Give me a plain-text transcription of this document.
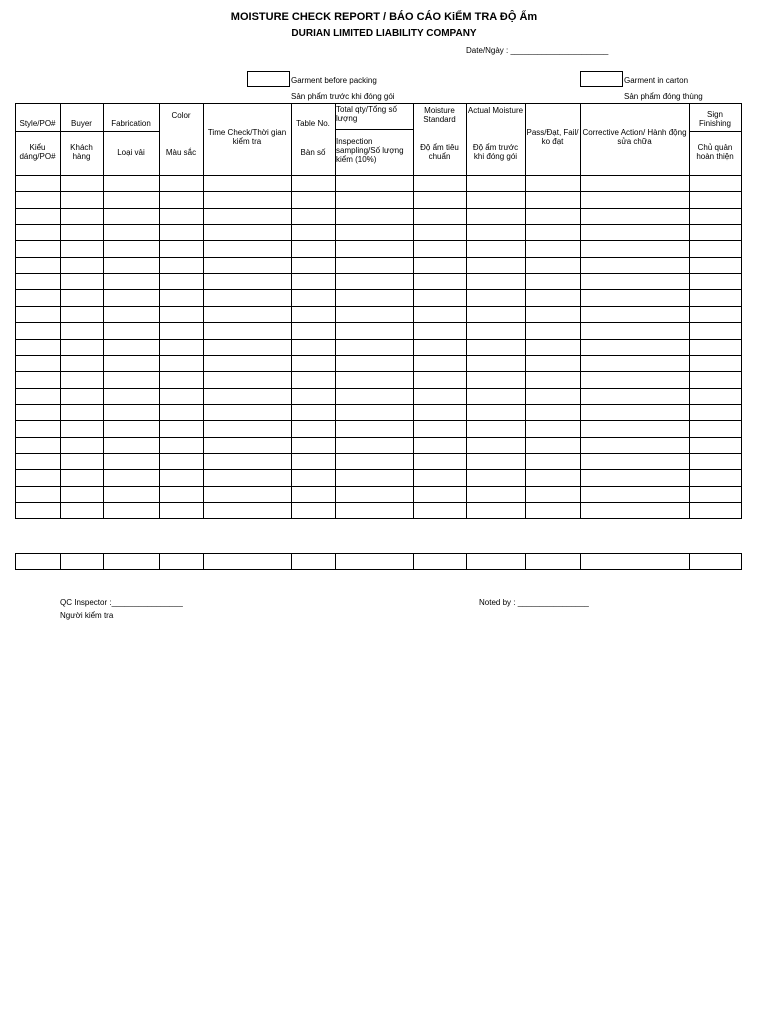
MOISTURE CHECK REPORT / BÁO CÁO KiỂM TRA ĐỘ Ẩm
DURIAN LIMITED LIABILITY COMPANY
Date/Ngày : ______________________
Garment before packing
Sản phẩm trước khi đóng gói
Garment in carton
Sản phẩm đóng thùng
Style/PO#
Kiểu dáng/PO#
Buyer
Khách hàng
Fabrication
Loại vải
Color
Màu sắc
Time Check/Thời gian kiểm tra
Table No.
Bàn số
Total qty/Tổng số lượng
Inspection sampling/Số lượng kiểm (10%)
Moisture Standard
Độ ẩm tiêu chuẩn
Actual Moisture
Độ ẩm trước khi đóng gói
Pass/Đạt, Fail/ ko đạt
Corrective Action/ Hành động sửa chữa
Sign Finishing
Chủ quản hoàn thiện
QC Inspector :________________
Người kiểm tra
Noted by : ________________
